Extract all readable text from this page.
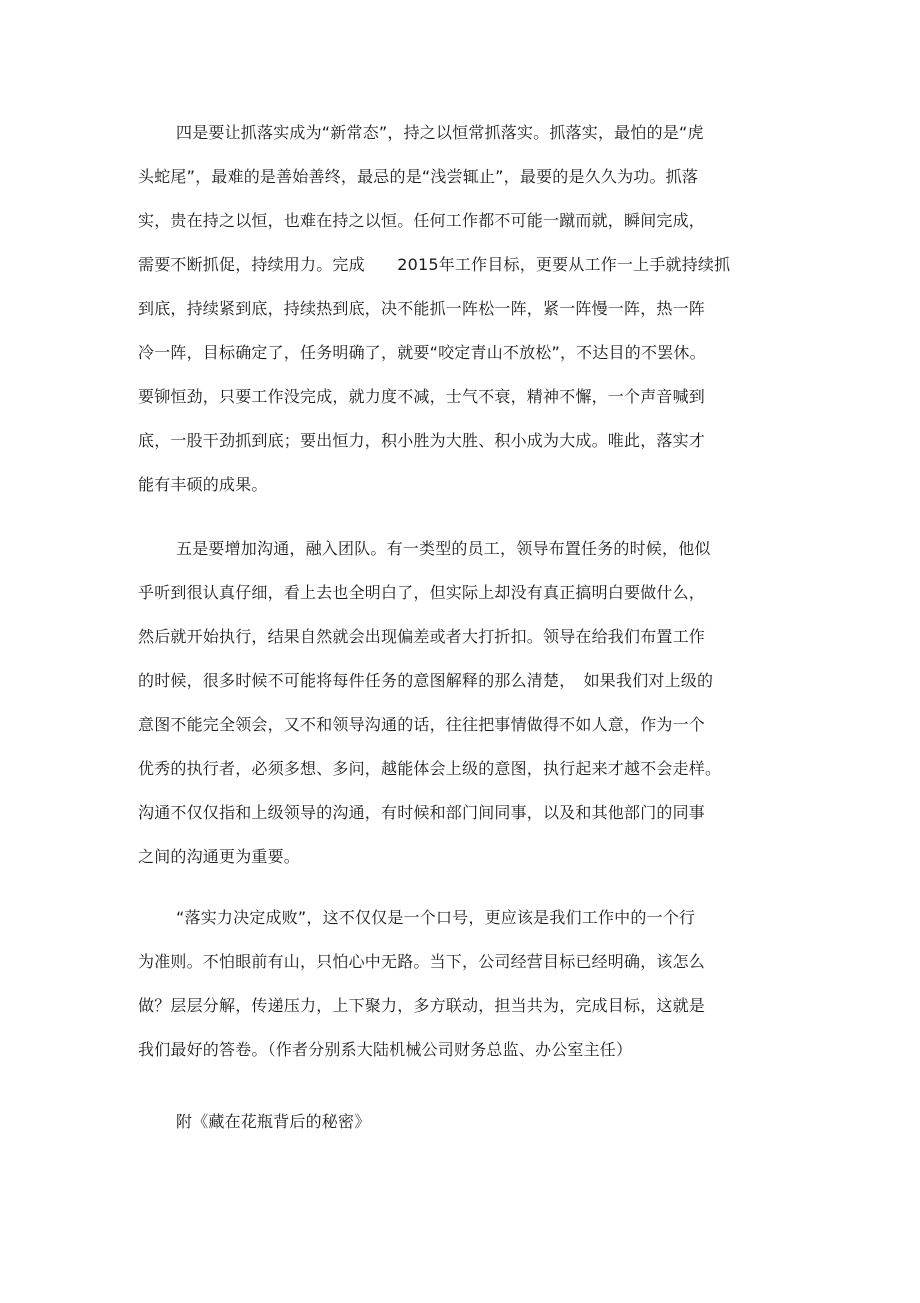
四是要让抓落实成为“新常态”，持之以恒常抓落实。抓落实，最怕的是“虎
头蛇尾”，最难的是善始善终，最忌的是“浅尝辄止”，最要的是久久为功。抓落
实，贵在持之以恒，也难在持之以恒。任何工作都不可能一蹴而就，瞬间完成，
需要不断抓促，持续用力。完成　　2015年工作目标，更要从工作一上手就持续抓
到底，持续紧到底，持续热到底，决不能抓一阵松一阵，紧一阵慢一阵，热一阵
冷一阵，目标确定了，任务明确了，就要“咬定青山不放松”，不达目的不罢休。
要铆恒劲，只要工作没完成，就力度不减，士气不衰，精神不懈，一个声音喊到
底，一股干劲抓到底；要出恒力，积小胜为大胜、积小成为大成。唯此，落实才
能有丰硕的成果。
五是要增加沟通，融入团队。有一类型的员工，领导布置任务的时候，他似
乎听到很认真仔细，看上去也全明白了，但实际上却没有真正搞明白要做什么，
然后就开始执行，结果自然就会出现偏差或者大打折扣。领导在给我们布置工作
的时候，很多时候不可能将每件任务的意图解释的那么清楚，　如果我们对上级的
意图不能完全领会，又不和领导沟通的话，往往把事情做得不如人意，作为一个
优秀的执行者，必须多想、多问，越能体会上级的意图，执行起来才越不会走样。
沟通不仅仅指和上级领导的沟通，有时候和部门间同事，以及和其他部门的同事
之间的沟通更为重要。
“落实力决定成败”，这不仅仅是一个口号，更应该是我们工作中的一个行
为准则。不怕眼前有山，只怕心中无路。当下，公司经营目标已经明确，该怎么
做？层层分解，传递压力，上下聚力，多方联动，担当共为，完成目标，这就是
我们最好的答卷。（作者分别系大陆机械公司财务总监、办公室主任）
附《藏在花瓶背后的秘密》
